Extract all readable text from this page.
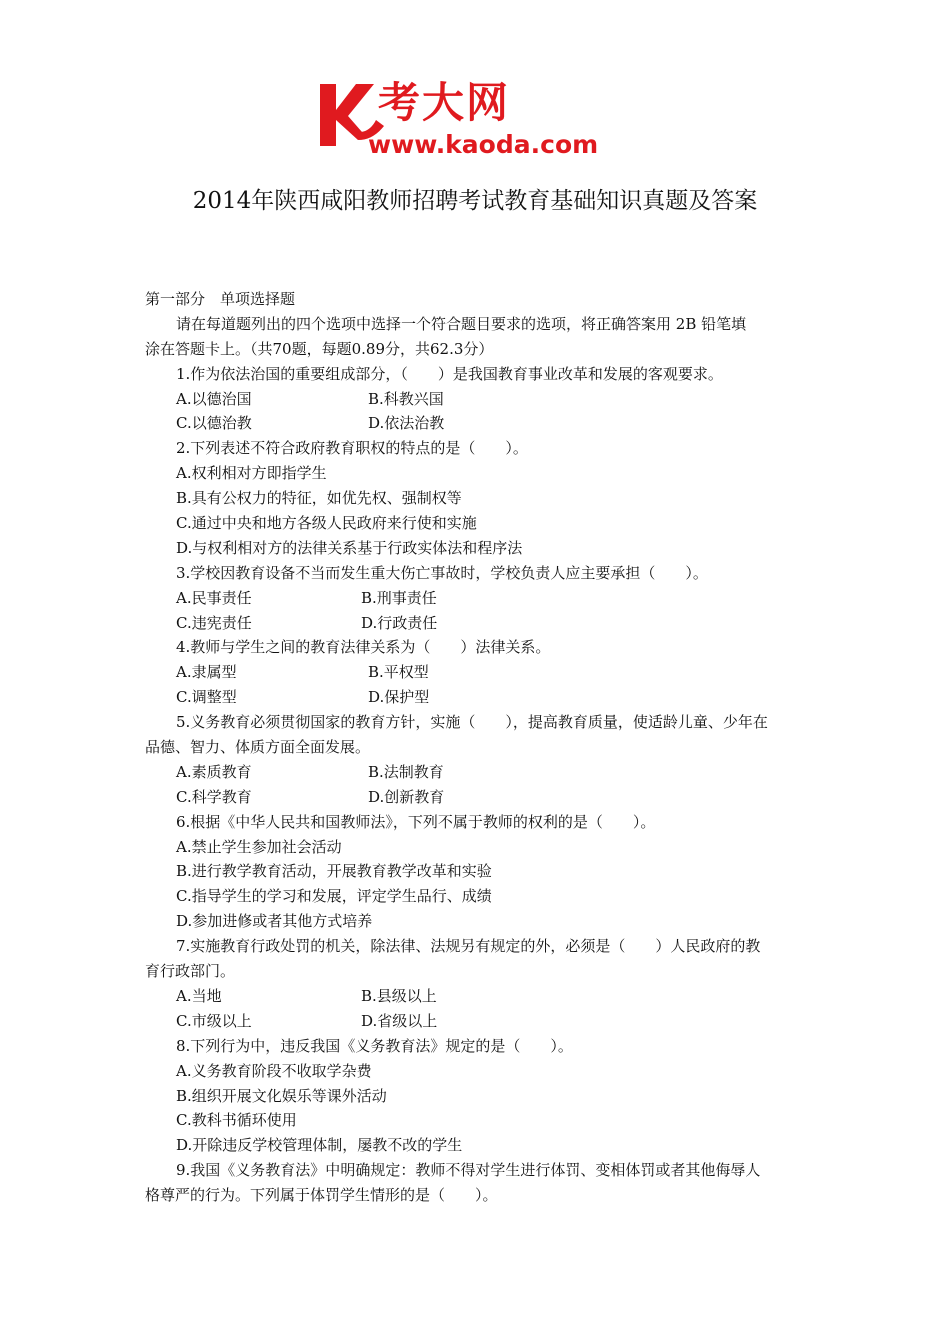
考大网
www.kaoda.com
2014年陕西咸阳教师招聘考试教育基础知识真题及答案
第一部分　单项选择题
请在每道题列出的四个选项中选择一个符合题目要求的选项，将正确答案用 2B 铅笔填
涂在答题卡上。（共70题，每题0.89分，共62.3分）
1.作为依法治国的重要组成部分，（　　）是我国教育事业改革和发展的客观要求。
A.以德治国	B.科教兴国
C.以德治教	D.依法治教
2.下列表述不符合政府教育职权的特点的是（　　）。
A.权利相对方即指学生
B.具有公权力的特征，如优先权、强制权等
C.通过中央和地方各级人民政府来行使和实施
D.与权利相对方的法律关系基于行政实体法和程序法
3.学校因教育设备不当而发生重大伤亡事故时，学校负责人应主要承担（　　）。
A.民事责任	B.刑事责任
C.违宪责任	D.行政责任
4.教师与学生之间的教育法律关系为（　　）法律关系。
A.隶属型	B.平权型
C.调整型	D.保护型
5.义务教育必须贯彻国家的教育方针，实施（　　），提高教育质量，使适龄儿童、少年在
品德、智力、体质方面全面发展。
A.素质教育	B.法制教育
C.科学教育	D.创新教育
6.根据《中华人民共和国教师法》，下列不属于教师的权利的是（　　）。
A.禁止学生参加社会活动
B.进行教学教育活动，开展教育教学改革和实验
C.指导学生的学习和发展，评定学生品行、成绩
D.参加进修或者其他方式培养
7.实施教育行政处罚的机关，除法律、法规另有规定的外，必须是（　　）人民政府的教
育行政部门。
A.当地	B.县级以上
C.市级以上	D.省级以上
8.下列行为中，违反我国《义务教育法》规定的是（　　）。
A.义务教育阶段不收取学杂费
B.组织开展文化娱乐等课外活动
C.教科书循环使用
D.开除违反学校管理体制，屡教不改的学生
9.我国《义务教育法》中明确规定：教师不得对学生进行体罚、变相体罚或者其他侮辱人
格尊严的行为。下列属于体罚学生情形的是（　　）。
